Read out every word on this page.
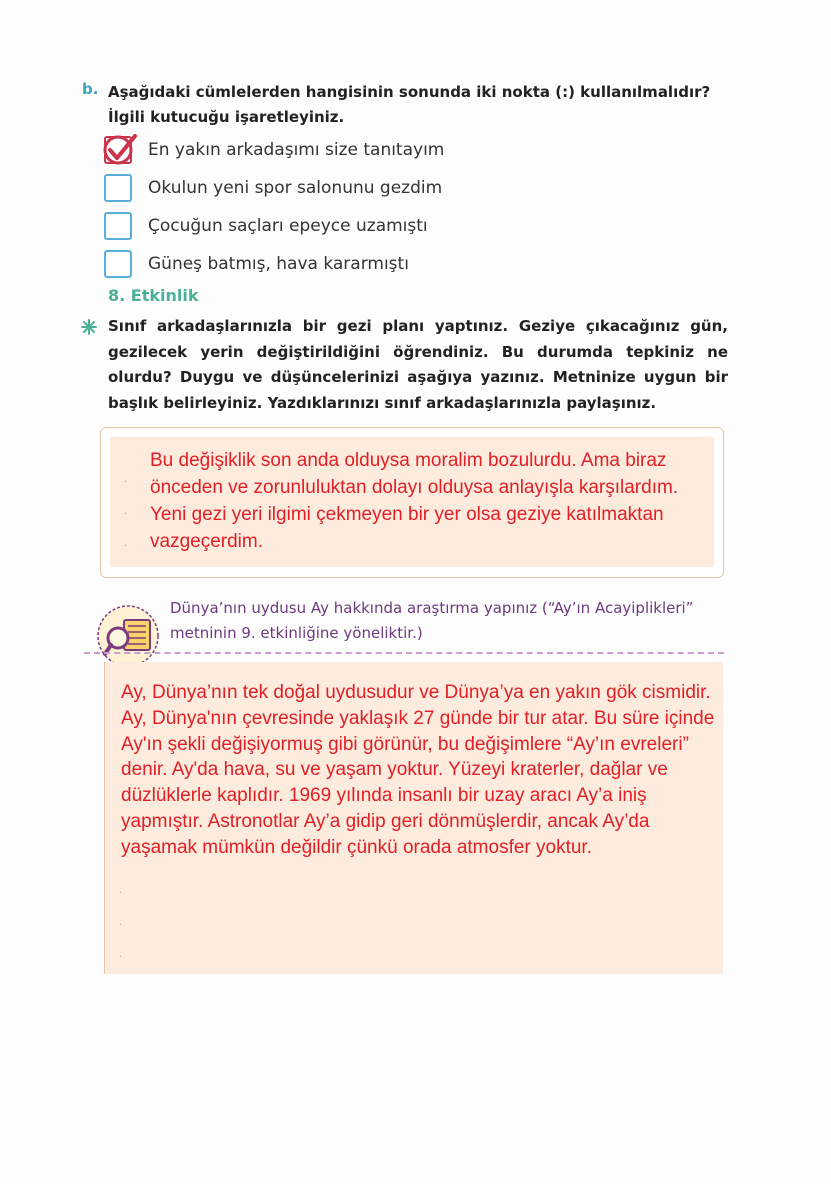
b. Aşağıdaki cümlelerden hangisinin sonunda iki nokta (:) kullanılmalıdır? İlgili kutucuğu işaretleyiniz.
En yakın arkadaşımı size tanıtayım
Okulun yeni spor salonunu gezdim
Çocuğun saçları epeyce uzamıştı
Güneş batmış, hava kararmıştı
8. Etkinlik
Sınıf arkadaşlarınızla bir gezi planı yaptınız. Geziye çıkacağınız gün, gezilecek yerin değiştirildiğini öğrendiniz. Bu durumda tepkiniz ne olurdu? Duygu ve düşüncelerinizi aşağıya yazınız. Metninize uygun bir başlık belirleyiniz. Yazdıklarınızı sınıf arkadaşlarınızla paylaşınız.
·
·
·
Bu değişiklik son anda olduysa moralim bozulurdu. Ama biraz önceden ve zorunluluktan dolayı olduysa anlayışla karşılardım. Yeni gezi yeri ilgimi çekmeyen bir yer olsa geziye katılmaktan vazgeçerdim.
Dünya’nın uydusu Ay hakkında araştırma yapınız (“Ay’ın Acayiplikleri” metninin 9. etkinliğine yöneliktir.)
·
·
·
Ay, Dünya’nın tek doğal uydusudur ve Dünya’ya en yakın gök cismidir. Ay, Dünya'nın çevresinde yaklaşık 27 günde bir tur atar. Bu süre içinde Ay'ın şekli değişiyormuş gibi görünür, bu değişimlere “Ay’ın evreleri” denir. Ay'da hava, su ve yaşam yoktur. Yüzeyi kraterler, dağlar ve düzlüklerle kaplıdır. 1969 yılında insanlı bir uzay aracı Ay’a iniş yapmıştır. Astronotlar Ay’a gidip geri dönmüşlerdir, ancak Ay’da yaşamak mümkün değildir çünkü orada atmosfer yoktur.
